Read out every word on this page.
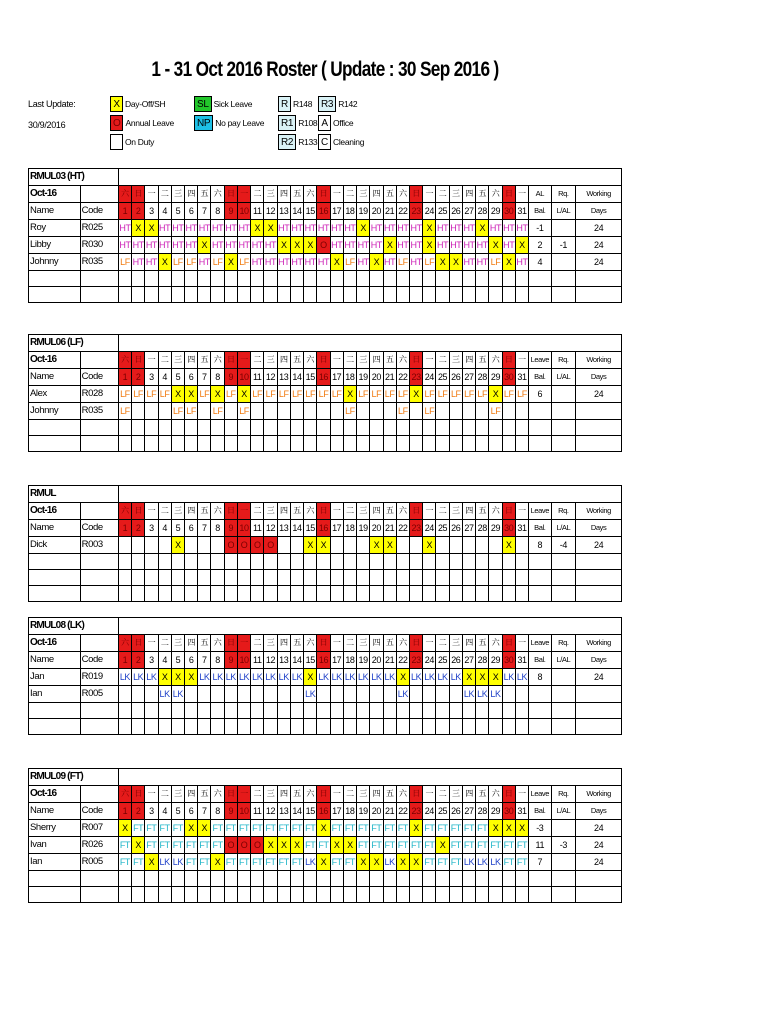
1 - 31 Oct 2016 Roster ( Update : 30 Sep 2016 )
Last Update:
30/9/2016
X Day-Off/SH
O Annual Leave
On Duty
SL Sick Leave
NP No pay Leave
R R148
R1 R108
R2 R133
R3 R142
A Office
C Cleaning
RMUL03 (HT)																																			
Oct-16		六	日	一	二	三	四	五	六	日	一	二	三	四	五	六	日	一	二	三	四	五	六	日	一	二	三	四	五	六	日	一	AL	Rq.	Working
Name	Code	1	2	3	4	5	6	7	8	9	10	11	12	13	14	15	16	17	18	19	20	21	22	23	24	25	26	27	28	29	30	31	Bal.	L/AL	Days
Roy	R025	HT	X	X	HT	HT	HT	HT	HT	HT	HT	X	X	HT	HT	HT	HT	HT	HT	X	HT	HT	HT	HT	X	HT	HT	HT	X	HT	HT	HT	-1		24
Libby	R030	HT	HT	HT	HT	HT	HT	X	HT	HT	HT	HT	HT	X	X	X	O	HT	HT	HT	HT	X	HT	HT	X	HT	HT	HT	HT	X	HT	X	2	-1	24
Johnny	R035	LF	HT	HT	X	LF	LF	HT	LF	X	LF	HT	HT	HT	HT	HT	HT	X	LF	HT	X	HT	LF	HT	LF	X	X	HT	HT	LF	X	HT	4		24

RMUL06 (LF)																																			
Oct-16		六	日	一	二	三	四	五	六	日	一	二	三	四	五	六	日	一	二	三	四	五	六	日	一	二	三	四	五	六	日	一	Leave	Rq.	Working
Name	Code	1	2	3	4	5	6	7	8	9	10	11	12	13	14	15	16	17	18	19	20	21	22	23	24	25	26	27	28	29	30	31	Bal.	L/AL	Days
Alex	R028	LF	LF	LF	LF	X	X	LF	X	LF	X	LF	LF	LF	LF	LF	LF	LF	X	LF	LF	LF	LF	X	LF	LF	LF	LF	LF	X	LF	LF	6		24
Johnny	R035	LF				LF	LF		LF		LF								LF				LF		LF					LF					

RMUL																																			
Oct-16		六	日	一	二	三	四	五	六	日	一	二	三	四	五	六	日	一	二	三	四	五	六	日	一	二	三	四	五	六	日	一	Leave	Rq.	Working
Name	Code	1	2	3	4	5	6	7	8	9	10	11	12	13	14	15	16	17	18	19	20	21	22	23	24	25	26	27	28	29	30	31	Bal.	L/AL	Days
Dick	R003					X				O	O	O	O			X	X				X	X			X						X		8	-4	24

RMUL08 (LK)																																			
Oct-16		六	日	一	二	三	四	五	六	日	一	二	三	四	五	六	日	一	二	三	四	五	六	日	一	二	三	四	五	六	日	一	Leave	Rq.	Working
Name	Code	1	2	3	4	5	6	7	8	9	10	11	12	13	14	15	16	17	18	19	20	21	22	23	24	25	26	27	28	29	30	31	Bal.	L/AL	Days
Jan	R019	LK	LK	LK	X	X	X	LK	LK	LK	LK	LK	LK	LK	LK	X	LK	LK	LK	LK	LK	LK	X	LK	LK	LK	LK	X	X	X	LK	LK	8		24
Ian	R005				LK	LK										LK							LK					LK	LK	LK					

RMUL09 (FT)																																			
Oct-16		六	日	一	二	三	四	五	六	日	一	二	三	四	五	六	日	一	二	三	四	五	六	日	一	二	三	四	五	六	日	一	Leave	Rq.	Working
Name	Code	1	2	3	4	5	6	7	8	9	10	11	12	13	14	15	16	17	18	19	20	21	22	23	24	25	26	27	28	29	30	31	Bal.	L/AL	Days
Sherry	R007	X	FT	FT	FT	FT	X	X	FT	FT	FT	FT	FT	FT	FT	FT	X	FT	FT	FT	FT	FT	FT	X	FT	FT	FT	FT	FT	X	X	X	-3		24
Ivan	R026	FT	X	FT	FT	FT	FT	FT	FT	O	O	O	X	X	X	FT	FT	X	X	FT	FT	FT	FT	FT	FT	X	FT	FT	FT	FT	FT	FT	11	-3	24
Ian	R005	FT	FT	X	LK	LK	FT	FT	X	FT	FT	FT	FT	FT	FT	LK	X	FT	FT	X	X	LK	X	X	FT	FT	FT	LK	LK	LK	FT	FT	7		24
